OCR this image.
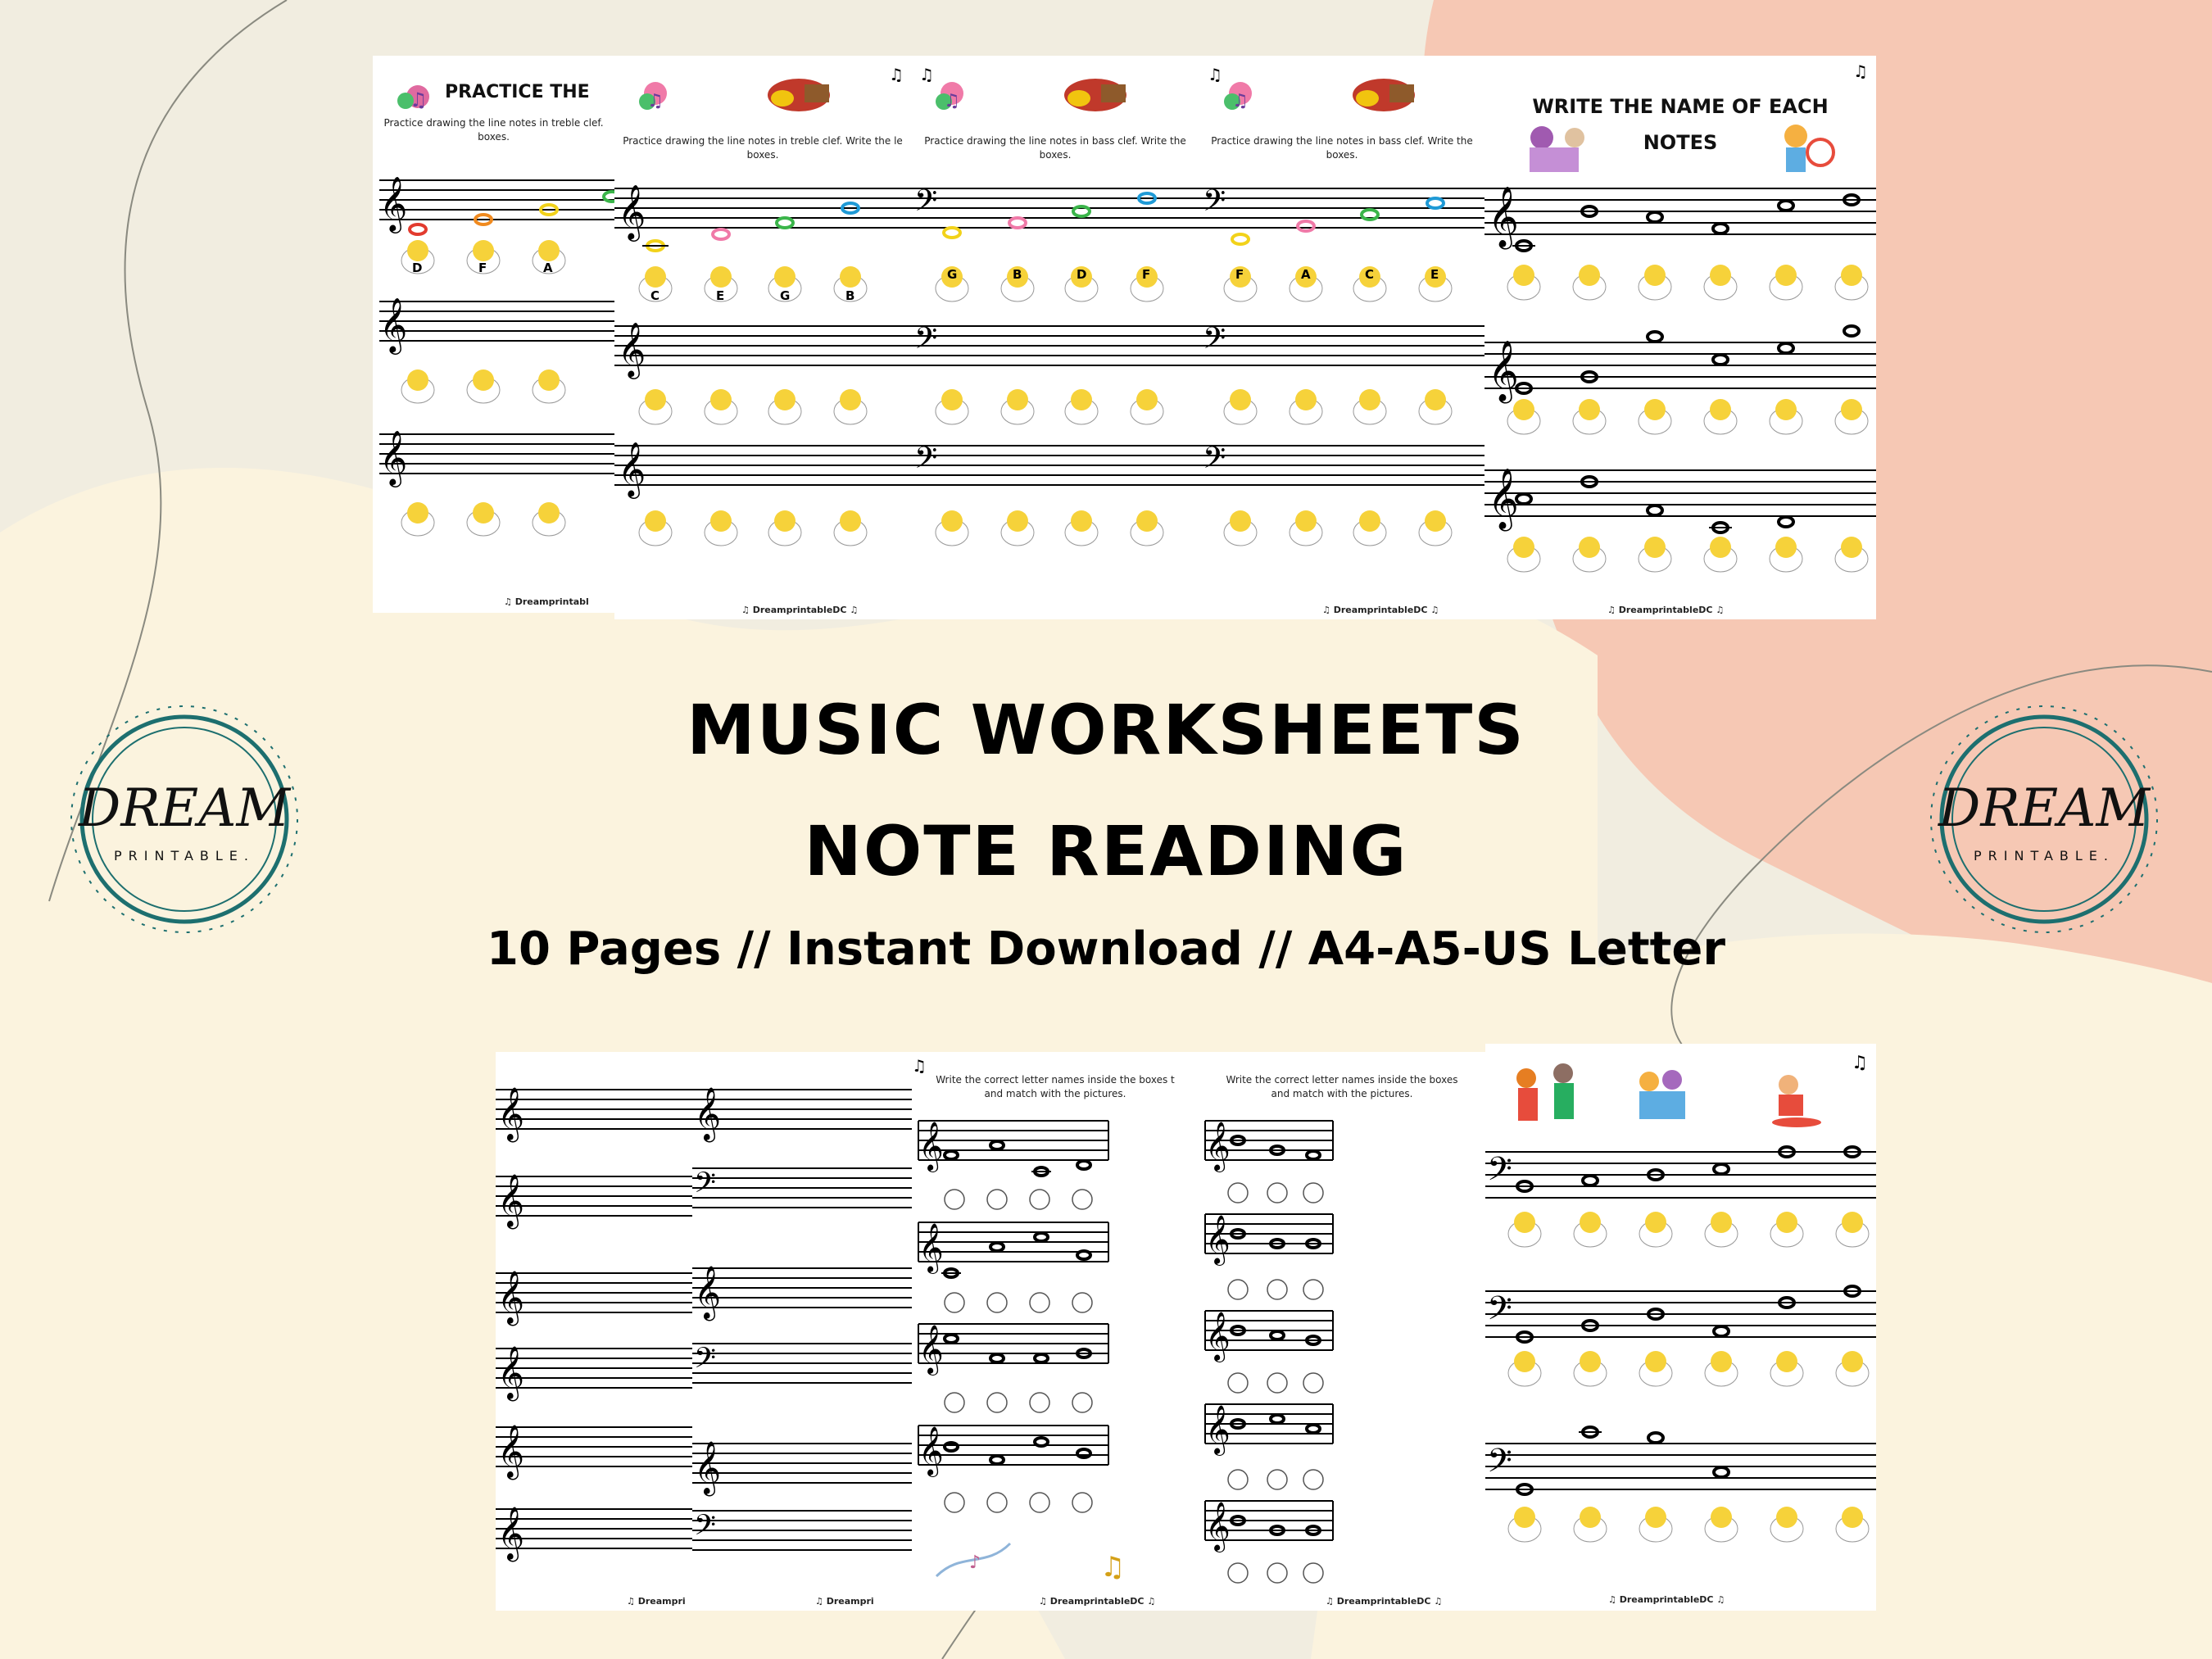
PRACTICE THE
Practice drawing the line notes in treble clef.
boxes.
♫
𝄞
𝄞
𝄞
D	F	A
♫ Dreamprintabl
Practice drawing the line notes in treble clef. Write the le
boxes.
♫
♫
𝄞
𝄞
𝄞
C	E	G	B
♫ DreamprintableDC ♫
Practice drawing the line notes in bass clef. Write the
boxes.
♫
♫
𝄢
𝄢
𝄢
G	B	D	F
Practice drawing the line notes in bass clef. Write the
boxes.
♫
♫
𝄢
𝄢
𝄢
F	A	C	E
♫ DreamprintableDC ♫
WRITE THE NAME OF EACH
NOTES
♫
𝄞
𝄞
𝄞
♫ DreamprintableDC ♫
MUSIC WORKSHEETS
NOTE READING
10 Pages // Instant Download // A4-A5-US Letter
DREAM
PRINTABLE.
DREAM
PRINTABLE.
𝄞
𝄞
𝄞
𝄞
𝄞
𝄞
♫ Dreampri
𝄞
𝄢
𝄞
𝄢
𝄞
𝄢
♫ Dreampri
Write the correct letter names inside the boxes t
and match with the pictures.
♫
𝄞
𝄞
𝄞
𝄞
♪	♫
♫ DreamprintableDC ♫
Write the correct letter names inside the boxes
and match with the pictures.
𝄞
𝄞
𝄞
𝄞
𝄞
♫ DreamprintableDC ♫
♫
𝄢
𝄢
𝄢
♫ DreamprintableDC ♫
